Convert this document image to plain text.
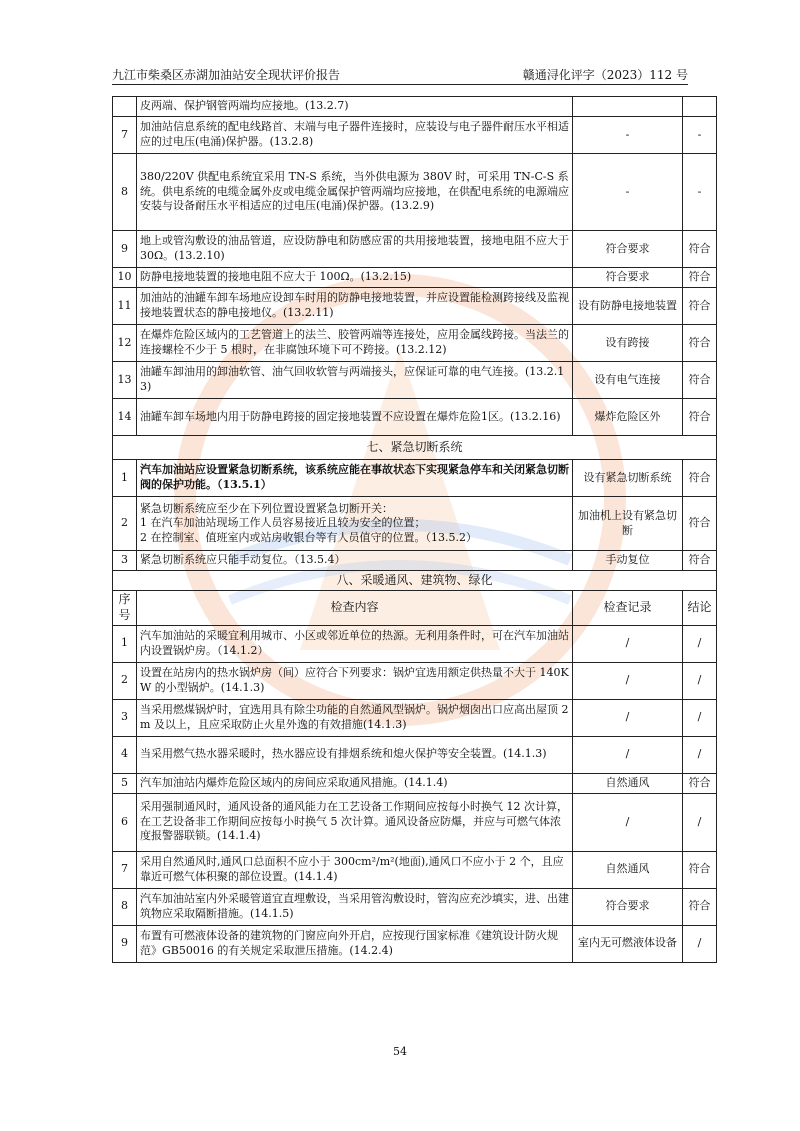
九江市柴桑区赤湖加油站安全现状评价报告	赣通浔化评字（2023）112 号
	皮两端、保护钢管两端均应接地。(13.2.7)		
7	加油站信息系统的配电线路首、末端与电子器件连接时，应装设与电子器件耐压水平相适应的过电压(电涌)保护器。(13.2.8)	-	-
8	380/220V 供配电系统宜采用 TN-S 系统，当外供电源为 380V 时，可采用 TN-C-S 系统。供电系统的电缆金属外皮或电缆金属保护管两端均应接地，在供配电系统的电源端应安装与设备耐压水平相适应的过电压(电涌)保护器。(13.2.9)	-	-
9	地上或管沟敷设的油品管道，应设防静电和防感应雷的共用接地装置，接地电阻不应大于 30Ω。(13.2.10)	符合要求	符合
10	防静电接地装置的接地电阻不应大于 100Ω。(13.2.15)	符合要求	符合
11	加油站的油罐车卸车场地应设卸车时用的防静电接地装置，并应设置能检测跨接线及监视接地装置状态的静电接地仪。(13.2.11)	设有防静电接地装置	符合
12	在爆炸危险区域内的工艺管道上的法兰、胶管两端等连接处，应用金属线跨接。当法兰的连接螺栓不少于 5 根时，在非腐蚀环境下可不跨接。(13.2.12)	设有跨接	符合
13	油罐车卸油用的卸油软管、油气回收软管与两端接头，应保证可靠的电气连接。(13.2.13)	设有电气连接	符合
14	油罐车卸车场地内用于防静电跨接的固定接地装置不应设置在爆炸危险1区。(13.2.16)	爆炸危险区外	符合
七、紧急切断系统			
1	汽车加油站应设置紧急切断系统，该系统应能在事故状态下实现紧急停车和关闭紧急切断阀的保护功能。（13.5.1）	设有紧急切断系统	符合
2	紧急切断系统应至少在下列位置设置紧急切断开关：
1 在汽车加油站现场工作人员容易接近且较为安全的位置；
2 在控制室、值班室内或站房收银台等有人员值守的位置。（13.5.2）	加油机上设有紧急切断	符合
3	紧急切断系统应只能手动复位。（13.5.4）	手动复位	符合
八、采暖通风、建筑物、绿化			
序号	检查内容	检查记录	结论
1	汽车加油站的采暖宜利用城市、小区或邻近单位的热源。无利用条件时，可在汽车加油站内设置锅炉房。（14.1.2）	/	/
2	设置在站房内的热水锅炉房（间）应符合下列要求：锅炉宜选用额定供热量不大于 140KW 的小型锅炉。(14.1.3)	/	/
3	当采用燃煤锅炉时，宜选用具有除尘功能的自然通风型锅炉。锅炉烟囱出口应高出屋顶 2m 及以上，且应采取防止火星外逸的有效措施(14.1.3)	/	/
4	当采用燃气热水器采暖时，热水器应设有排烟系统和熄火保护等安全装置。(14.1.3)	/	/
5	汽车加油站内爆炸危险区域内的房间应采取通风措施。(14.1.4)	自然通风	符合
6	采用强制通风时，通风设备的通风能力在工艺设备工作期间应按每小时换气 12 次计算，在工艺设备非工作期间应按每小时换气 5 次计算。通风设备应防爆，并应与可燃气体浓度报警器联锁。(14.1.4)	/	/
7	采用自然通风时,通风口总面积不应小于 300cm²/m²(地面),通风口不应小于 2 个，且应靠近可燃气体积聚的部位设置。(14.1.4)	自然通风	符合
8	汽车加油站室内外采暖管道宜直埋敷设，当采用管沟敷设时，管沟应充沙填实，进、出建筑物应采取隔断措施。(14.1.5)	符合要求	符合
9	布置有可燃液体设备的建筑物的门窗应向外开启，应按现行国家标准《建筑设计防火规范》GB50016 的有关规定采取泄压措施。(14.2.4)	室内无可燃液体设备	/
54
